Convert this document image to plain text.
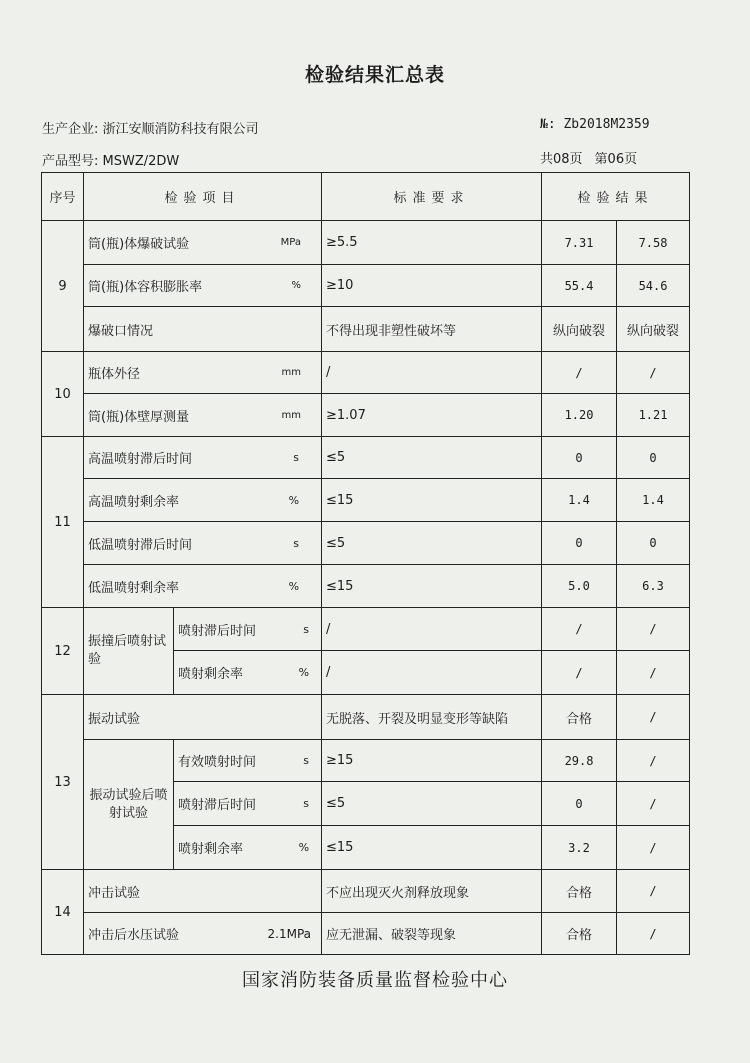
检验结果汇总表
生产企业: 浙江安顺消防科技有限公司	№: Zb2018M2359
产品型号: MSWZ/2DW	共08页 第06页
序号	检验项目		标准要求	检验结果	
9	筒(瓶)体爆破试验 MPa		≥5.5	7.31	7.58

	筒(瓶)体容积膨胀率 %		≥10	55.4	54.6
	爆破口情况		不得出现非塑性破坏等	纵向破裂	纵向破裂
10	瓶体外径 mm		/	/	/

	筒(瓶)体壁厚测量 mm		≥1.07	1.20	1.21
11	高温喷射滞后时间 s		≤5	0	0

	高温喷射剩余率 %		≤15	1.4	1.4

	低温喷射滞后时间 s		≤5	0	0

	低温喷射剩余率 %		≤15	5.0	6.3
12	振撞后喷射试验	喷射滞后时间 s	/	/	/

		喷射剩余率 %	/	/	/
13	振动试验		无脱落、开裂及明显变形等缺陷	合格	/
	振动试验后喷射试验	有效喷射时间 s	≥15	29.8	/

		喷射滞后时间 s	≤5	0	/

		喷射剩余率 %	≤15	3.2	/
14	冲击试验		不应出现灭火剂释放现象	合格	/

	冲击后水压试验 2.1MPa		应无泄漏、破裂等现象	合格	/
国家消防装备质量监督检验中心
